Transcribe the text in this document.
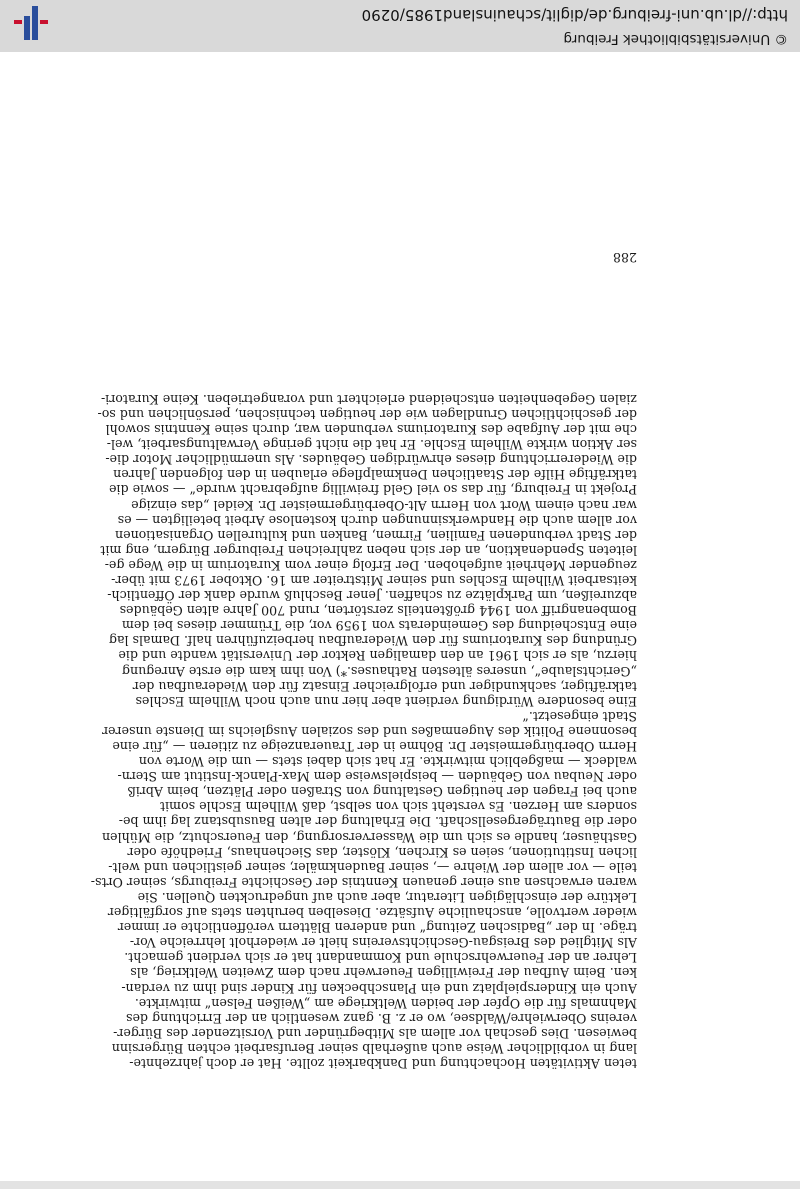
http://dl.ub.uni-freiburg.de/diglit/schauinsland1985/0290
© Universitätsbibliothek Freiburg
teten Aktivitäten Hochachtung und Dankbarkeit zollte. Hat er doch jahrzehnte-
lang in vorbildlicher Weise auch außerhalb seiner Berufsarbeit echten Bürgersinn
bewiesen. Dies geschah vor allem als Mitbegründer und Vorsitzender des Bürger-
vereins Oberwiehre/Waldsee, wo er z. B. ganz wesentlich an der Errichtung des
Mahnmals für die Opfer der beiden Weltkriege am „Weißen Felsen“ mitwirkte.
Auch ein Kinderspielplatz und ein Planschbecken für Kinder sind ihm zu verdan-
ken. Beim Aufbau der Freiwilligen Feuerwehr nach dem Zweiten Weltkrieg, als
Lehrer an der Feuerwehrschule und Kommandant hat er sich verdient gemacht.
Als Mitglied des Breisgau-Geschichtsvereins hielt er wiederholt lehrreiche Vor-
träge. In der „Badischen Zeitung“ und anderen Blättern veröffentlichte er immer
wieder wertvolle, anschauliche Aufsätze. Dieselben beruhten stets auf sorgfältiger
Lektüre der einschlägigen Literatur, aber auch auf ungedruckten Quellen. Sie
waren erwachsen aus einer genauen Kenntnis der Geschichte Freiburgs, seiner Orts-
teile — vor allem der Wiehre —, seiner Baudenkmäler, seiner geistlichen und welt-
lichen Institutionen, seien es Kirchen, Klöster, das Siechenhaus, Friedhöfe oder
Gasthäuser, handle es sich um die Wasserversorgung, den Feuerschutz, die Mühlen
oder die Bauträgergesellschaft. Die Erhaltung der alten Bausubstanz lag ihm be-
sonders am Herzen. Es versteht sich von selbst, daß Wilhelm Eschle somit
auch bei Fragen der heutigen Gestaltung von Straßen oder Plätzen, beim Abriß
oder Neubau von Gebäuden — beispielsweise dem Max-Planck-Institut am Stern-
waldeck — maßgeblich mitwirkte. Er hat sich dabei stets — um die Worte von
Herrn Oberbürgermeister Dr. Böhme in der Traueranzeige zu zitieren — „für eine
besonnene Politik des Augenmaßes und des sozialen Ausgleichs im Dienste unserer
Stadt eingesetzt.“
Eine besondere Würdigung verdient aber hier nun auch noch Wilhelm Eschles
tatkräftiger, sachkundiger und erfolgreicher Einsatz für den Wiederaufbau der
„Gerichtslaube“, unseres ältesten Rathauses.*) Von ihm kam die erste Anregung
hierzu, als er sich 1961 an den damaligen Rektor der Universität wandte und die
Gründung des Kuratoriums für den Wiederaufbau herbeizuführen half. Damals lag
eine Entscheidung des Gemeinderats von 1959 vor, die Trümmer dieses bei dem
Bombenangriff von 1944 größtenteils zerstörten, rund 700 Jahre alten Gebäudes
abzureißen, um Parkplätze zu schaffen. Jener Beschluß wurde dank der Öffentlich-
keitsarbeit Wilhelm Eschles und seiner Mitstreiter am 16. Oktober 1973 mit über-
zeugender Mehrheit aufgehoben. Der Erfolg einer vom Kuratorium in die Wege ge-
leiteten Spendenaktion, an der sich neben zahlreichen Freiburger Bürgern, eng mit
der Stadt verbundenen Familien, Firmen, Banken und kulturellen Organisationen
vor allem auch die Handwerksinnungen durch kostenlose Arbeit beteiligten — es
war nach einem Wort von Herrn Alt-Oberbürgermeister Dr. Keidel „das einzige
Projekt in Freiburg, für das so viel Geld freiwillig aufgebracht wurde“ — sowie die
tatkräftige Hilfe der Staatlichen Denkmalpflege erlauben in den folgenden Jahren
die Wiedererrichtung dieses ehrwürdigen Gebäudes. Als unermüdlicher Motor die-
ser Aktion wirkte Wilhelm Eschle. Er hat die nicht geringe Verwaltungsarbeit, wel-
che mit der Aufgabe des Kuratoriums verbunden war, durch seine Kenntnis sowohl
der geschichtlichen Grundlagen wie der heutigen technischen, persönlichen und so-
zialen Gegebenheiten entscheidend erleichtert und vorangetrieben. Keine Kuratori-
288
